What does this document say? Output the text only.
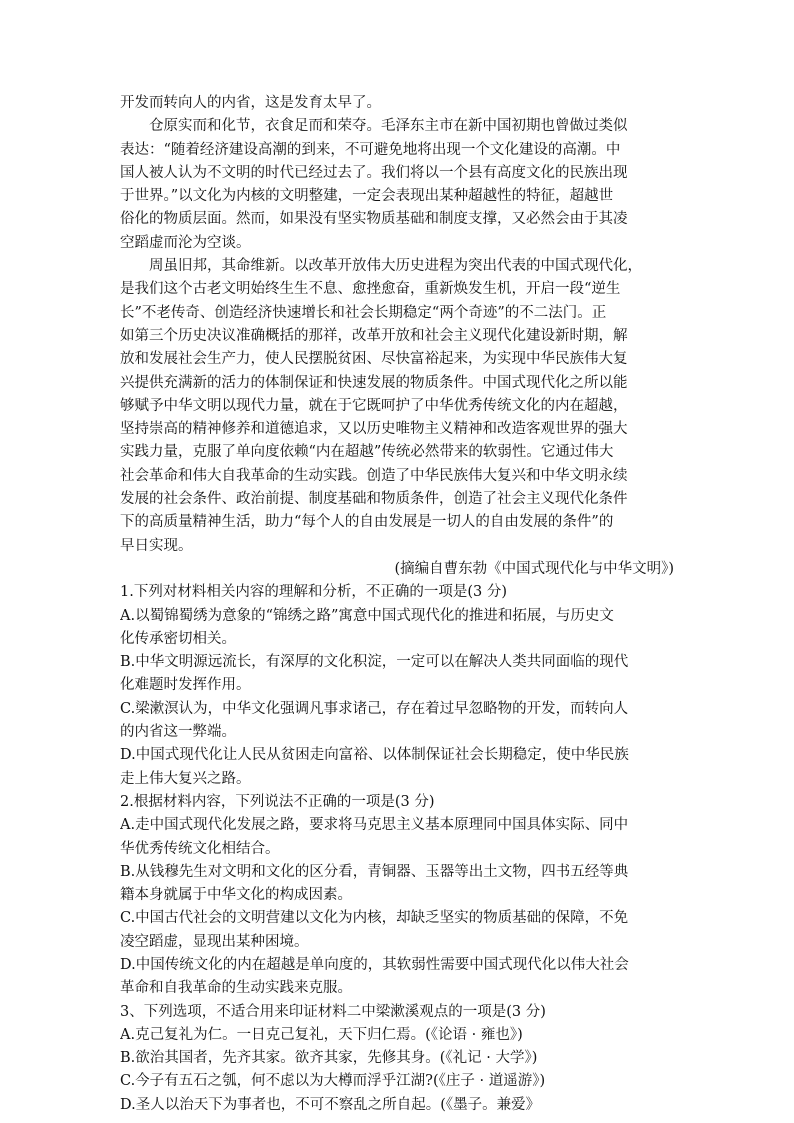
开发而转向人的内省，这是发育太早了。
仓原实而和化节，衣食足而和荣夺。毛泽东主市在新中国初期也曾做过类似
表达：“随着经济建设高潮的到来，不可避免地将出现一个文化建设的高潮。中
国人被人认为不文明的时代已经过去了。我们将以一个县有高度文化的民族出现
于世界。”以文化为内核的文明整建，一定会表现出某种超越性的特征，超越世
俗化的物质层面。然而，如果没有坚实物质基础和制度支撑，又必然会由于其凌
空蹈虚而沦为空谈。
周虽旧邦，其命维新。以改革开放伟大历史进程为突出代表的中国式现代化，
是我们这个古老文明始终生生不息、愈挫愈奋，重新焕发生机，开启一段“逆生
长”不老传奇、创造经济快速增长和社会长期稳定“两个奇迹”的不二法门。正
如第三个历史决议准确概括的那祥，改革开放和社会主义现代化建设新时期，解
放和发展社会生产力，使人民摆脱贫困、尽快富裕起来，为实现中华民族伟大复
兴提供充满新的活力的体制保证和快速发展的物质条件。中国式现代化之所以能
够赋予中华文明以现代力量，就在于它既呵护了中华优秀传统文化的内在超越，
坚持崇高的精神修养和道德追求，又以历史唯物主义精神和改造客观世界的强大
实践力量，克服了单向度依赖“内在超越”传统必然带来的软弱性。它通过伟大
社会革命和伟大自我革命的生动实践。创造了中华民族伟大复兴和中华文明永续
发展的社会条件、政治前提、制度基础和物质条件，创造了社会主义现代化条件
下的高质量精神生活，助力“每个人的自由发展是一切人的自由发展的条件”的
早日实现。
(摘编自曹东勃《中国式现代化与中华文明》)
1.下列对材料相关内容的理解和分析，不正确的一项是(3 分)
A.以蜀锦蜀绣为意象的“锦绣之路”寓意中国式现代化的推进和拓展，与历史文
化传承密切相关。
B.中华文明源远流长，有深厚的文化积淀，一定可以在解决人类共同面临的现代
化难题时发挥作用。
C.梁漱溟认为，中华文化强调凡事求诸己，存在着过早忽略物的开发，而转向人
的内省这一弊端。
D.中国式现代化让人民从贫困走向富裕、以体制保证社会长期稳定，使中华民族
走上伟大复兴之路。
2.根据材料内容，下列说法不正确的一项是(3 分)
A.走中国式现代化发展之路，要求将马克思主义基本原理同中国具体实际、同中
华优秀传统文化相结合。
B.从钱穆先生对文明和文化的区分看，青铜器、玉器等出土文物，四书五经等典
籍本身就属于中华文化的构成因素。
C.中国古代社会的文明营建以文化为内核，却缺乏坚实的物质基础的保障，不免
凌空蹈虚，显现出某种困境。
D.中国传统文化的内在超越是单向度的，其软弱性需要中国式现代化以伟大社会
革命和自我革命的生动实践来克服。
3、下列选项，不适合用来印证材料二中梁漱溪观点的一项是(3 分)
A.克己复礼为仁。一日克己复礼，天下归仁焉。(《论语 · 雍也》)
B.欲治其国者，先齐其家。欲齐其家，先修其身。(《礼记 · 大学》)
C.今子有五石之瓠，何不虑以为大樽而浮乎江湖?(《庄子 · 道遥游》)
D.圣人以治天下为事者也，不可不察乱之所自起。(《墨子。兼爱》
